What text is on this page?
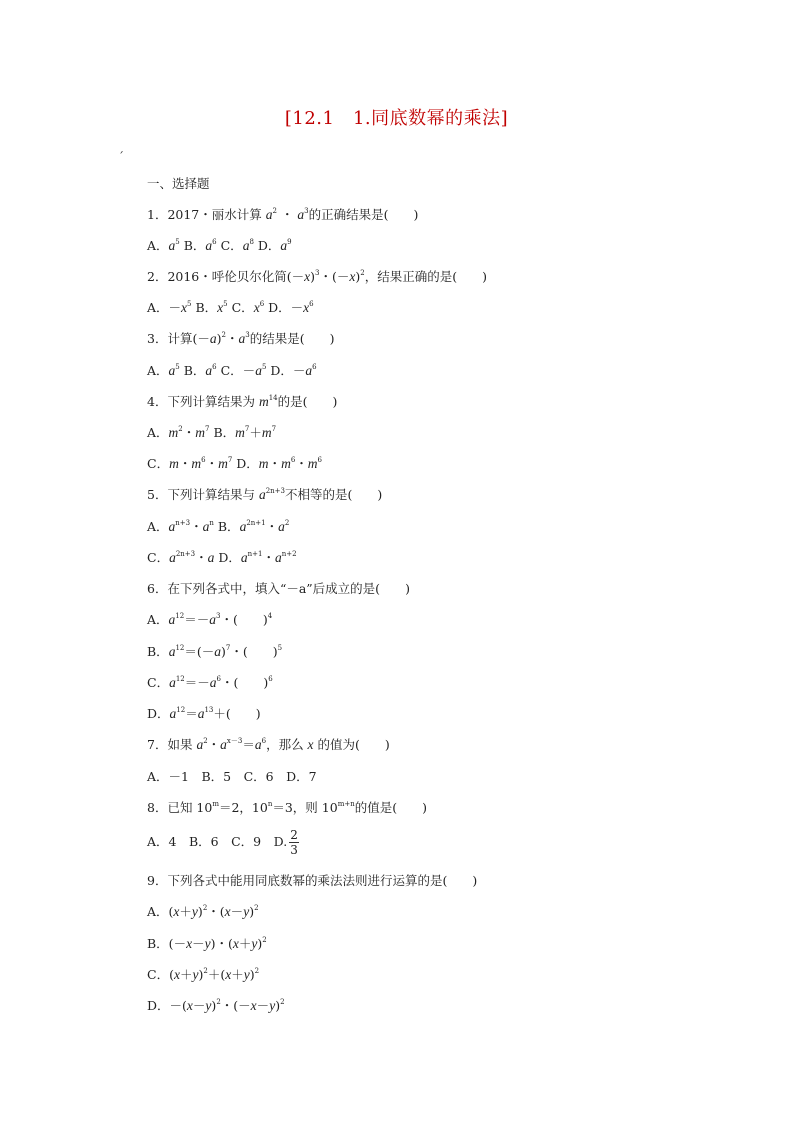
[12.1　1.同底数幂的乘法]
ˊ
一、选择题
1．2017・丽水计算 $a^2$ ・ $a^3$的正确结果是(　　)
A．$a^5$ B．$a^6$ C．$a^8$ D．$a^9$
2．2016・呼伦贝尔化简$(-x)^3$・$(-x)^2$，结果正确的是(　　)
A．$-x^5$ B．$x^5$ C．$x^6$ D．$-x^6$
3．计算$(-a)^2$・$a^3$的结果是(　　)
A．$a^5$ B．$a^6$ C．$-a^5$ D．$-a^6$
4．下列计算结果为 $m^{14}$的是(　　)
A．$m^2$・$m^7$ B．$m^7+m^7$
C．m・$m^6$・$m^7$ D．m・$m^6$・$m^6$
5．下列计算结果与 $a^{2n+3}$不相等的是(　　)
A．$a^{n+3}$・$a^n$ B．$a^{2n+1}$・$a^2$
C．$a^{2n+3}$・a D．$a^{n+1}$・$a^{n+2}$
6．在下列各式中，填入“－a”后成立的是(　　)
A．$a^{12}=-a^3$・(　　)$^4$
B．$a^{12}=(-a)^7$・(　　)$^5$
C．$a^{12}=-a^6$・(　　)$^6$
D．$a^{12}=a^{13}+$(　　)
7．如果 $a^2$・$a^{x-3}=a^6$，那么 x 的值为(　　)
A．－1　B．5　C．6　D．7
8．已知 $10^m=2$，$10^n=3$，则 $10^{m+n}$的值是(　　)
A．4　B．6　C．9　D. $\frac{2}{3}$
9．下列各式中能用同底数幂的乘法法则进行运算的是(　　)
A．$(x+y)^2$・$(x-y)^2$
B．(－x－y)・$(x+y)^2$
C．$(x+y)^2+(x+y)^2$
D．$-(x-y)^2$・$(-x-y)^2$
